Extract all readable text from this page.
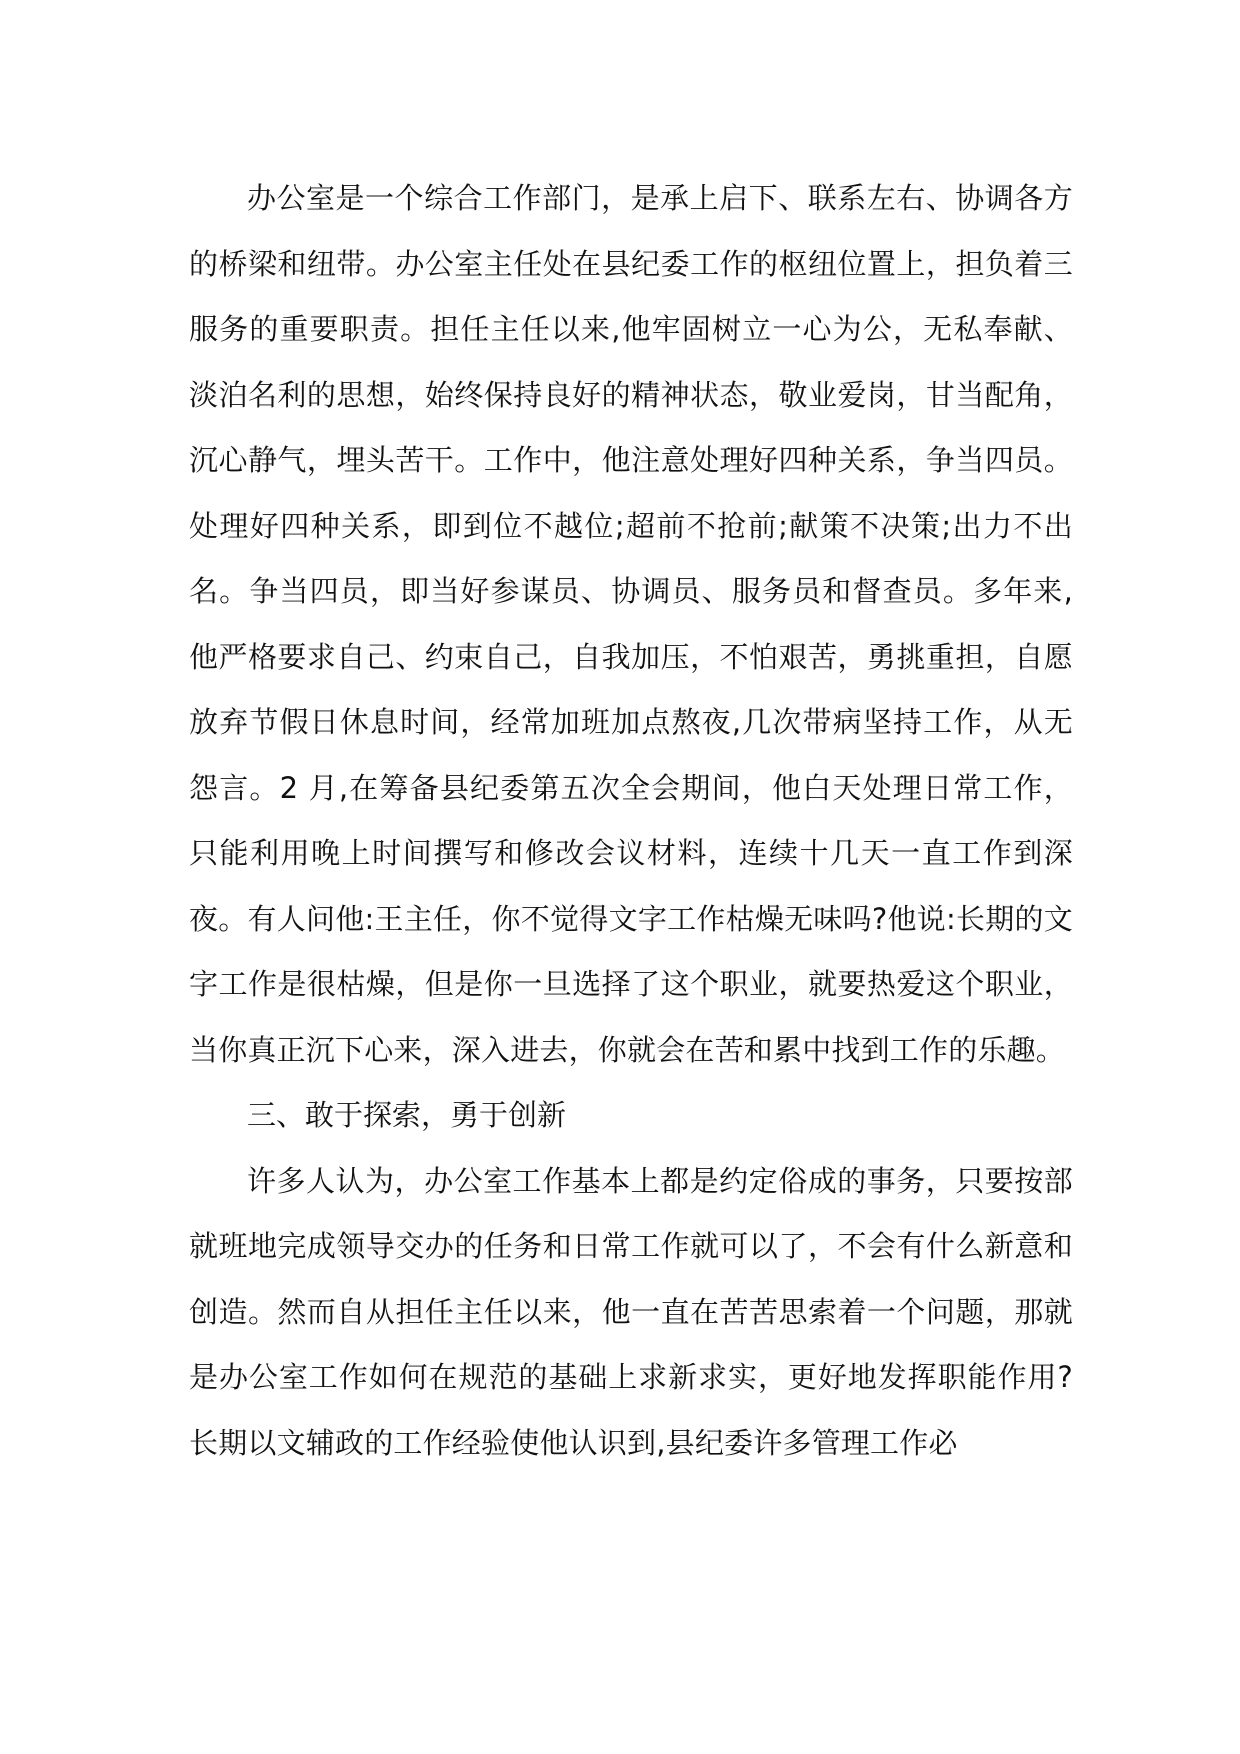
办公室是一个综合工作部门，是承上启下、联系左右、协调各方的桥梁和纽带。办公室主任处在县纪委工作的枢纽位置上，担负着三服务的重要职责。担任主任以来,他牢固树立一心为公，无私奉献、淡泊名利的思想，始终保持良好的精神状态，敬业爱岗，甘当配角，沉心静气，埋头苦干。工作中，他注意处理好四种关系，争当四员。处理好四种关系，即到位不越位;超前不抢前;献策不决策;出力不出名。争当四员，即当好参谋员、协调员、服务员和督查员。多年来,他严格要求自己、约束自己，自我加压，不怕艰苦，勇挑重担，自愿放弃节假日休息时间，经常加班加点熬夜,几次带病坚持工作，从无怨言。2 月,在筹备县纪委第五次全会期间，他白天处理日常工作，只能利用晚上时间撰写和修改会议材料，连续十几天一直工作到深夜。有人问他:王主任，你不觉得文字工作枯燥无味吗?他说:长期的文字工作是很枯燥，但是你一旦选择了这个职业，就要热爱这个职业，当你真正沉下心来，深入进去，你就会在苦和累中找到工作的乐趣。

三、敢于探索，勇于创新

许多人认为，办公室工作基本上都是约定俗成的事务，只要按部就班地完成领导交办的任务和日常工作就可以了，不会有什么新意和创造。然而自从担任主任以来，他一直在苦苦思索着一个问题，那就是办公室工作如何在规范的基础上求新求实，更好地发挥职能作用?长期以文辅政的工作经验使他认识到,县纪委许多管理工作必
